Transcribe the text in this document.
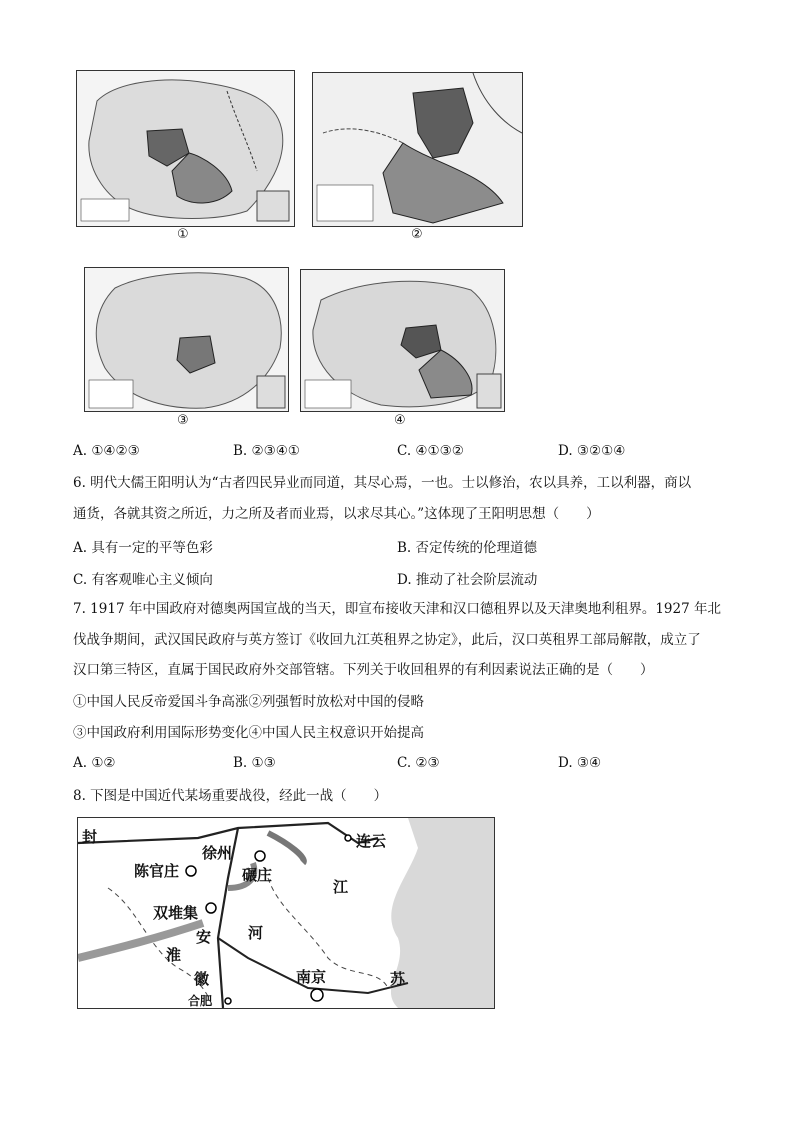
①	②
③	④
A. ①④②③	B. ②③④①	C. ④①③②	D. ③②①④
6. 明代大儒王阳明认为“古者四民异业而同道，其尽心焉，一也。士以修治，农以具养，工以利器，商以
通货，各就其资之所近，力之所及者而业焉，以求尽其心。”这体现了王阳明思想（　　）
A. 具有一定的平等色彩	B. 否定传统的伦理道德
C. 有客观唯心主义倾向	D. 推动了社会阶层流动
7. 1917 年中国政府对德奥两国宣战的当天，即宣布接收天津和汉口德租界以及天津奥地利租界。1927 年北
伐战争期间，武汉国民政府与英方签订《收回九江英租界之协定》，此后，汉口英租界工部局解散，成立了
汉口第三特区，直属于国民政府外交部管辖。下列关于收回租界的有利因素说法正确的是（　　）
①中国人民反帝爱国斗争高涨②列强暂时放松对中国的侵略
③中国政府利用国际形势变化④中国人民主权意识开始提高
A. ①②	B. ①③	C. ②③	D. ③④
8. 下图是中国近代某场重要战役，经此一战（　　）
封
徐州
连云
陈官庄	碾庄
江
双堆集
安 河
淮
徽	南京	苏
合肥
